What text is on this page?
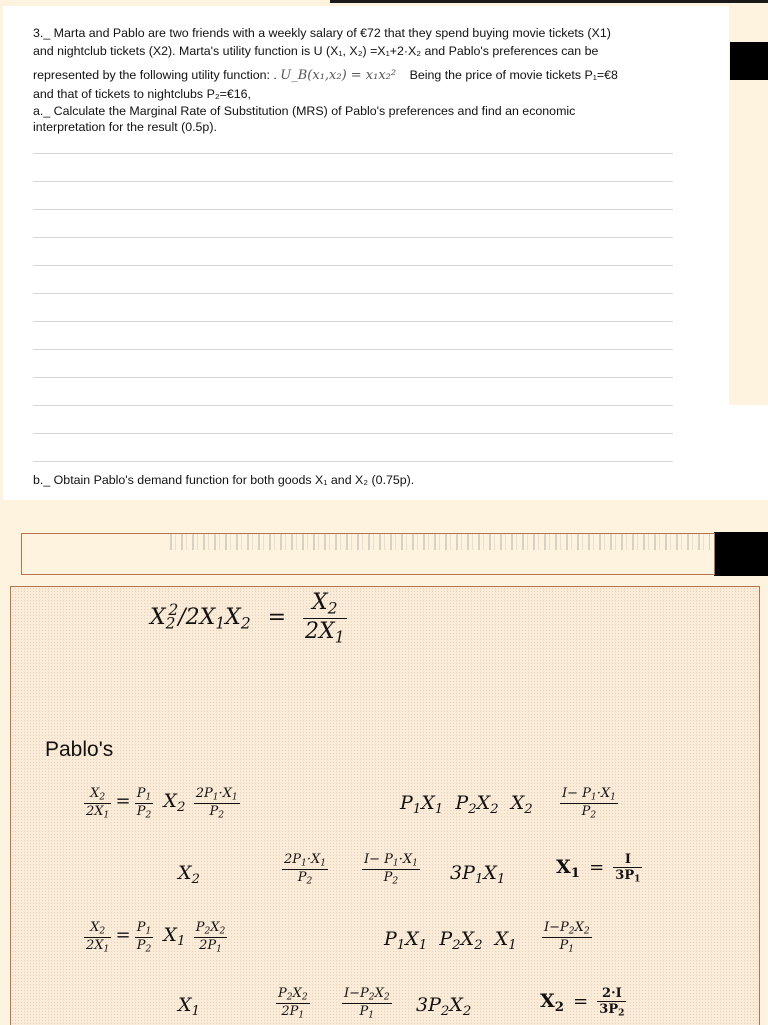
3._ Marta and Pablo are two friends with a weekly salary of €72 that they spend buying movie tickets (X1)
and nightclub tickets (X2). Marta's utility function is U (X₁, X₂) =X₁+2·X₂ and Pablo's preferences can be
represented by the following utility function: . U_B(x₁,x₂) = x₁x₂² Being the price of movie tickets P₁=€8
and that of tickets to nightclubs P₂=€16,
a._ Calculate the Marginal Rate of Substitution (MRS) of Pablo's preferences and find an economic
interpretation for the result (0.5p).
b._ Obtain Pablo's demand function for both goods X₁ and X₂ (0.75p).
$X_2^2/2X_1X_2 = \frac{X_2}{2X_1}$
Pablo's
$\frac{X_2}{2X_1} = \frac{P_1}{P_2} X_2 \frac{2P_1\cdot X_1}{P_2}$	$P_1X_1$  $P_2X_2$  $X_2 \frac{I- P_1\cdot X_1}{P_2}$
$X_2$	$\frac{2P_1\cdot X_1}{P_2}$	$\frac{I- P_1\cdot X_1}{P_2} 3P_1X_1$
$X_1 = \frac{I}{3P_1}$
$\frac{X_2}{2X_1} = \frac{P_1}{P_2} X_1 \frac{P_2X_2}{2P_1}$	$P_1X_1$  $P_2X_2$  $X_1 \frac{I-P_2X_2}{P_1}$
$X_1$	$\frac{P_2X_2}{2P_1} \frac{I-P_2X_2}{P_1} 3P_2X_2$	$X_2 = \frac{2\cdot I}{3P_2}$
